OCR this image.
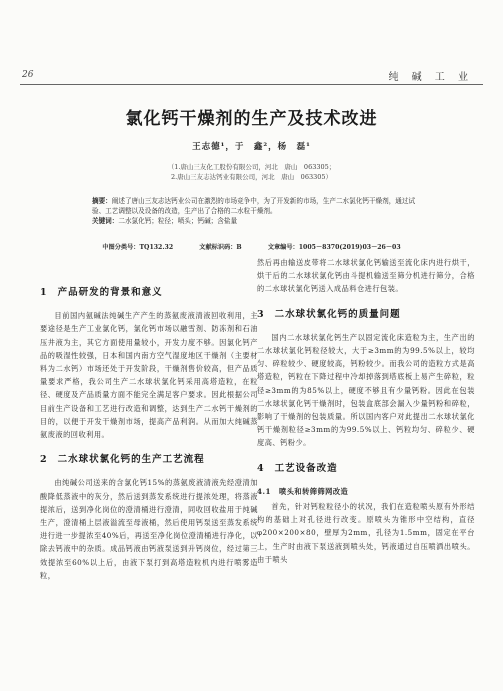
26	纯 碱 工 业
氯化钙干燥剂的生产及技术改进
王志德¹，于　鑫²，杨　磊¹
（1.唐山三友化工股份有限公司，河北　唐山　063305；
2.唐山三友志达钙业有限公司，河北　唐山　063305）
摘要：阐述了唐山三友志达钙业公司在激烈的市场竞争中，为了开发新的市场，生产二水氯化钙干燥剂，通过试验、工艺调整以及设备的改造，生产出了合格的二水粒干燥剂。
关键词：二水氯化钙；粒径；喷头；钙碱；含盐量
中图分类号：TQ132.32	文献标识码：B	文章编号：1005－8370(2019)03－26－03
1 产品研发的背景和意义

目前国内氨碱法纯碱生产产生的蒸氨废液清液回收利用，主要途径是生产工业氯化钙，氯化钙市场以融雪剂、防冻剂和石油压井液为主，其它方面使用量较小，开发力度不够。因氯化钙产品的吸湿性较强，日本和国内南方空气湿度地区干燥剂（主要材料为二水钙）市场还处于开发阶段，干燥剂售价较高，但产品质量要求严格，我公司生产二水球状氯化钙采用高塔造粒，在粒径、硬度及产品质量方面不能完全满足客户要求。因此根据公司目前生产设备和工艺进行改造和调整，达到生产二水钙干燥剂的目的，以便于开发干燥剂市场，提高产品利润。从而加大纯碱蒸氨废液的回收利用。

2 二水球状氯化钙的生产工艺流程

由纯碱公司送来的含氯化钙15%的蒸氨废液清液先经澄清加酸降低蒸液中的灰分，然后送到蒸发系统进行提浓处理，将蒸液提浓后，送到净化岗位的澄清桶进行澄清，同收回收盐用于纯碱生产，澄清桶上层液溢流至母液桶，然后使用钙泵送至蒸发系统进行进一步提浓至40%后，再送至净化岗位澄清桶进行净化，以除去钙液中的杂质。成品钙液由钙液泵送到升钙岗位，经过第三效提浓至60%以上后，由液下泵打到高塔造粒机内进行喷雾造粒，

然后再由输送皮带将二水球状氯化钙输送至流化床内进行烘干，烘干后的二水球状氯化钙由斗提机输送至筛分机进行筛分，合格的二水球状氯化钙送入成品料仓进行包装。

3 二水球状氯化钙的质量问题

国内二水球状氯化钙生产以固定流化床造粒为主，生产出的二水球状氯化钙粒径较大，大于≥3mm的为99.5%以上，较均匀、碎粒较少、硬度较高，钙粉较少。而我公司的造粒方式是高塔造粒，钙粒在下降过程中冷却掉落到塔底板上易产生碎粒，粒径≥3mm的为85%以上，硬度不够且有少量钙粉。因此在包装二水球状氯化钙干燥剂时，包装盒底部会漏入少量钙粉和碎粒，影响了干燥剂的包装质量。所以国内客户对此提出二水球状氯化钙干燥剂粒径≥3mm的为99.5%以上、钙粒均匀、碎粒少、硬度高、钙粉少。

4 工艺设备改造
4.1 喷头和转筛筛网改造

首先，针对钙粒粒径小的状况，我们在造粒喷头原有外形结构的基础上对孔径进行改变。原喷头为锥形中空结构，直径φ200×200×80，壁厚为2mm，孔径为1.5mm，固定在平台上，生产时由液下泵送液到喷头处，钙液通过自压喷洒出喷头。由于喷头
